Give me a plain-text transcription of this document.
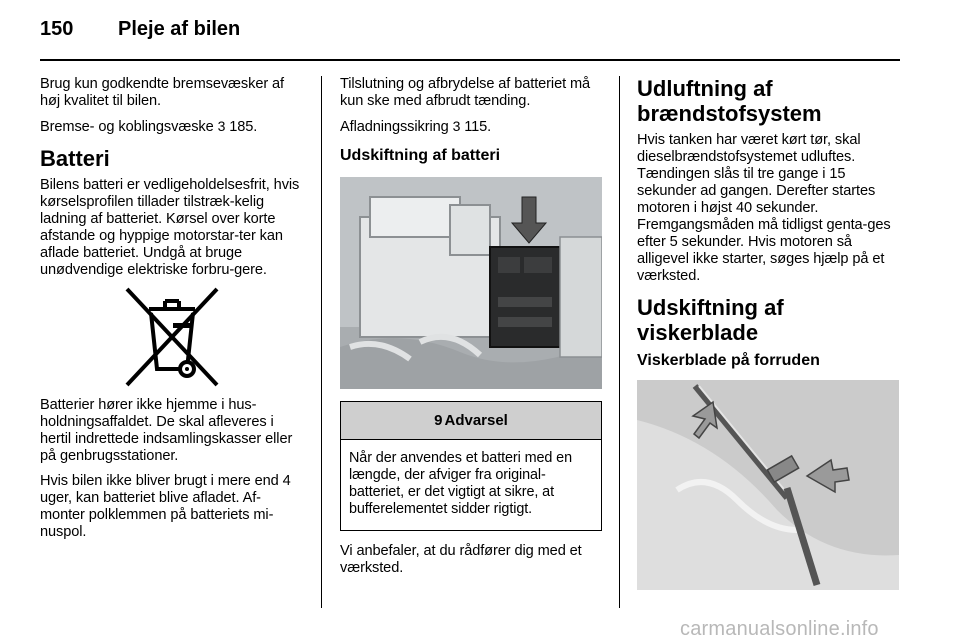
150 Pleje af bilen

Brug kun godkendte bremsevæsker af høj kvalitet til bilen.

Bremse- og koblingsvæske 3 185.

Batteri

Bilens batteri er vedligeholdelsesfrit, hvis kørselsprofilen tillader tilstræk-kelig ladning af batteriet. Kørsel over korte afstande og hyppige motorstar-ter kan aflade batteriet. Undgå at bruge unødvendige elektriske forbru-gere.

Batterier hører ikke hjemme i hus-holdningsaffaldet. De skal afleveres i hertil indrettede indsamlingskasser eller på genbrugsstationer.

Hvis bilen ikke bliver brugt i mere end 4 uger, kan batteriet blive afladet. Af-monter polklemmen på batteriets mi-nuspol.

Tilslutning og afbrydelse af batteriet må kun ske med afbrudt tænding.

Afladningssikring 3 115.

Udskiftning af batteri
9 Advarsel

Når der anvendes et batteri med en længde, der afviger fra original-batteriet, er det vigtigt at sikre, at bufferelementet sidder rigtigt.

Vi anbefaler, at du rådfører dig med et værksted.

Udluftning af brændstofsystem

Hvis tanken har været kørt tør, skal dieselbrændstofsystemet udluftes. Tændingen slås til tre gange i 15 sekunder ad gangen. Derefter startes motoren i højst 40 sekunder. Fremgangsmåden må tidligst genta-ges efter 5 sekunder. Hvis motoren så alligevel ikke starter, søges hjælp på et værksted.

Udskiftning af viskerblade
Viskerblade på forruden
carmanualsonline.info
